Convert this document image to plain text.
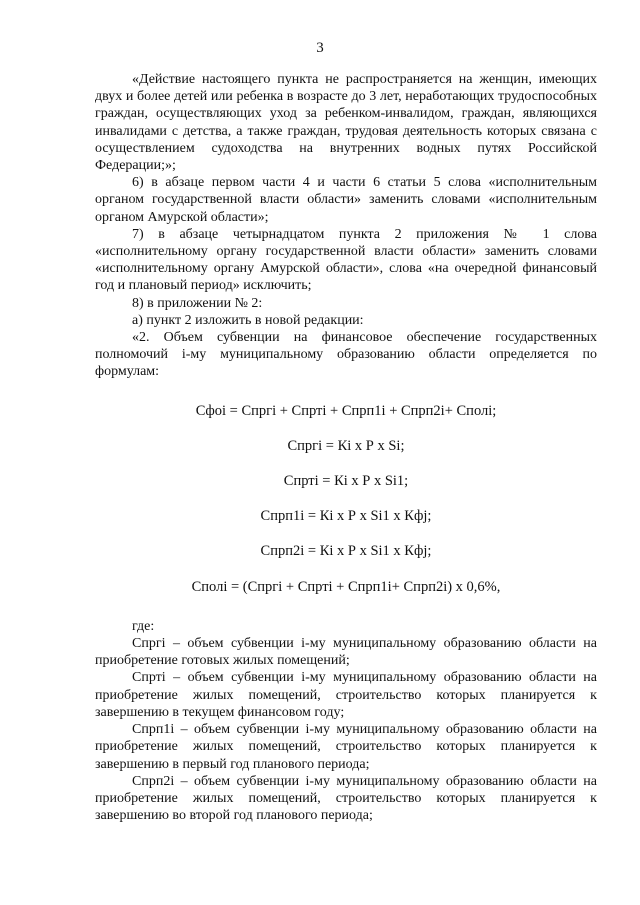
3

«Действие настоящего пункта не распространяется на женщин, имеющих двух и более детей или ребенка в возрасте до 3 лет, неработающих трудоспособных граждан, осуществляющих уход за ребенком-инвалидом, граждан, являющихся инвалидами с детства, а также граждан, трудовая деятельность которых связана с осуществлением судоходства на внутренних водных путях Российской Федерации;»;

6) в абзаце первом части 4 и части 6 статьи 5 слова «исполнительным органом государственной власти области» заменить словами «исполнительным органом Амурской области»;

7) в абзаце четырнадцатом пункта 2 приложения № 1 слова «исполнительному органу государственной власти области» заменить словами «исполнительному органу Амурской области», слова «на очередной финансовый год и плановый период» исключить;

8) в приложении № 2:

а) пункт 2 изложить в новой редакции:

«2. Объем субвенции на финансовое обеспечение государственных полномочий i-му муниципальному образованию области определяется по формулам:

Сфоi = Спргi + Спртi + Спрп1i + Спрп2i+ Сполi;

Спргi = Кi х Р х Si;

Спртi = Кi х Р х Si1;

Спрп1i = Кi х Р х Si1 х Кфj;

Спрп2i = Кi х Р х Si1 х Кфj;

Сполi = (Спргi + Спртi + Спрп1i+ Спрп2i) х 0,6%,

где:

Спргi – объем субвенции i-му муниципальному образованию области на приобретение готовых жилых помещений;

Спртi – объем субвенции i-му муниципальному образованию области на приобретение жилых помещений, строительство которых планируется к завершению в текущем финансовом году;

Спрп1i – объем субвенции i-му муниципальному образованию области на приобретение жилых помещений, строительство которых планируется к завершению в первый год планового периода;

Спрп2i – объем субвенции i-му муниципальному образованию области на приобретение жилых помещений, строительство которых планируется к завершению во второй год планового периода;
